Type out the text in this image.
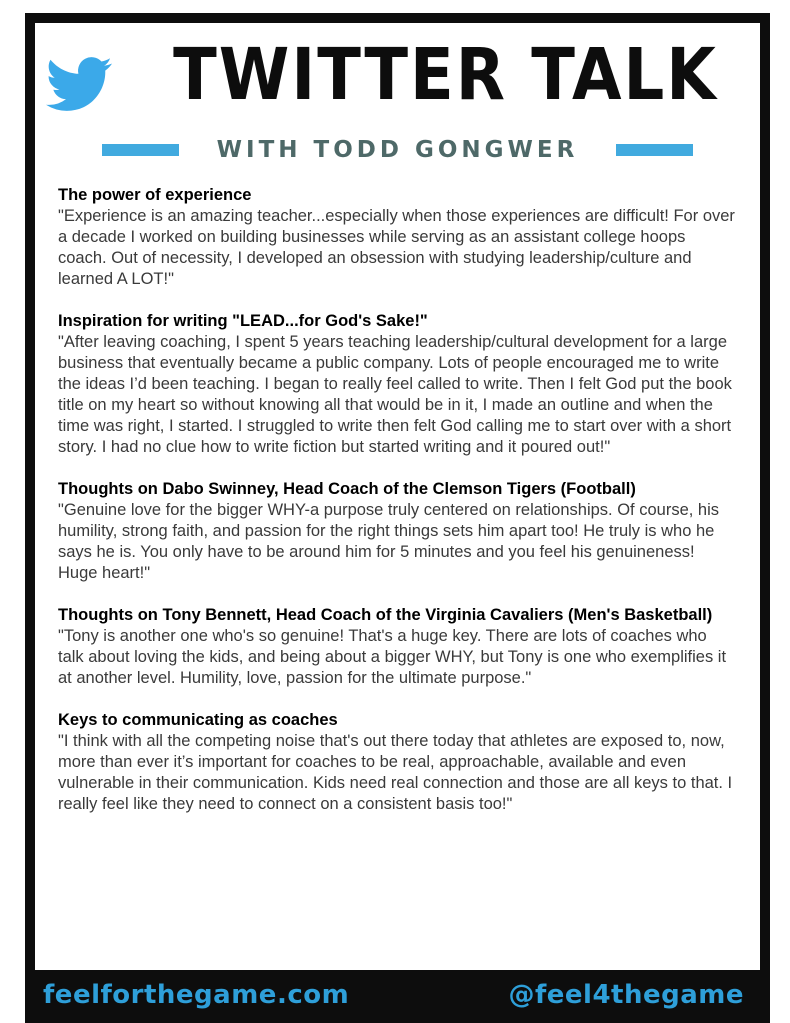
TWITTER TALK
WITH TODD GONGWER
The power of experience
"Experience is an amazing teacher...especially when those experiences are difficult! For over a decade I worked on building businesses while serving as an assistant college hoops coach. Out of necessity, I developed an obsession with studying leadership/culture and learned A LOT!"
Inspiration for writing "LEAD...for God's Sake!"
"After leaving coaching, I spent 5 years teaching leadership/cultural development for a large business that eventually became a public company. Lots of people encouraged me to write the ideas I’d been teaching. I began to really feel called to write. Then I felt God put the book title on my heart so without knowing all that would be in it, I made an outline and when the time was right, I started. I struggled to write then felt God calling me to start over with a short story. I had no clue how to write fiction but started writing and it poured out!"
Thoughts on Dabo Swinney, Head Coach of the Clemson Tigers (Football)
"Genuine love for the bigger WHY-a purpose truly centered on relationships. Of course, his humility, strong faith, and passion for the right things sets him apart too! He truly is who he says he is. You only have to be around him for 5 minutes and you feel his genuineness! Huge heart!"
Thoughts on Tony Bennett, Head Coach of the Virginia Cavaliers (Men's Basketball)
"Tony is another one who's so genuine! That's a huge key. There are lots of coaches who talk about loving the kids, and being about a bigger WHY, but Tony is one who exemplifies it at another level. Humility, love, passion for the ultimate purpose."
Keys to communicating as coaches
"I think with all the competing noise that's out there today that athletes are exposed to, now, more than ever it’s important for coaches to be real, approachable, available and even vulnerable in their communication. Kids need real connection and those are all keys to that. I really feel like they need to connect on a consistent basis too!"
feelforthegame.com	@feel4thegame
